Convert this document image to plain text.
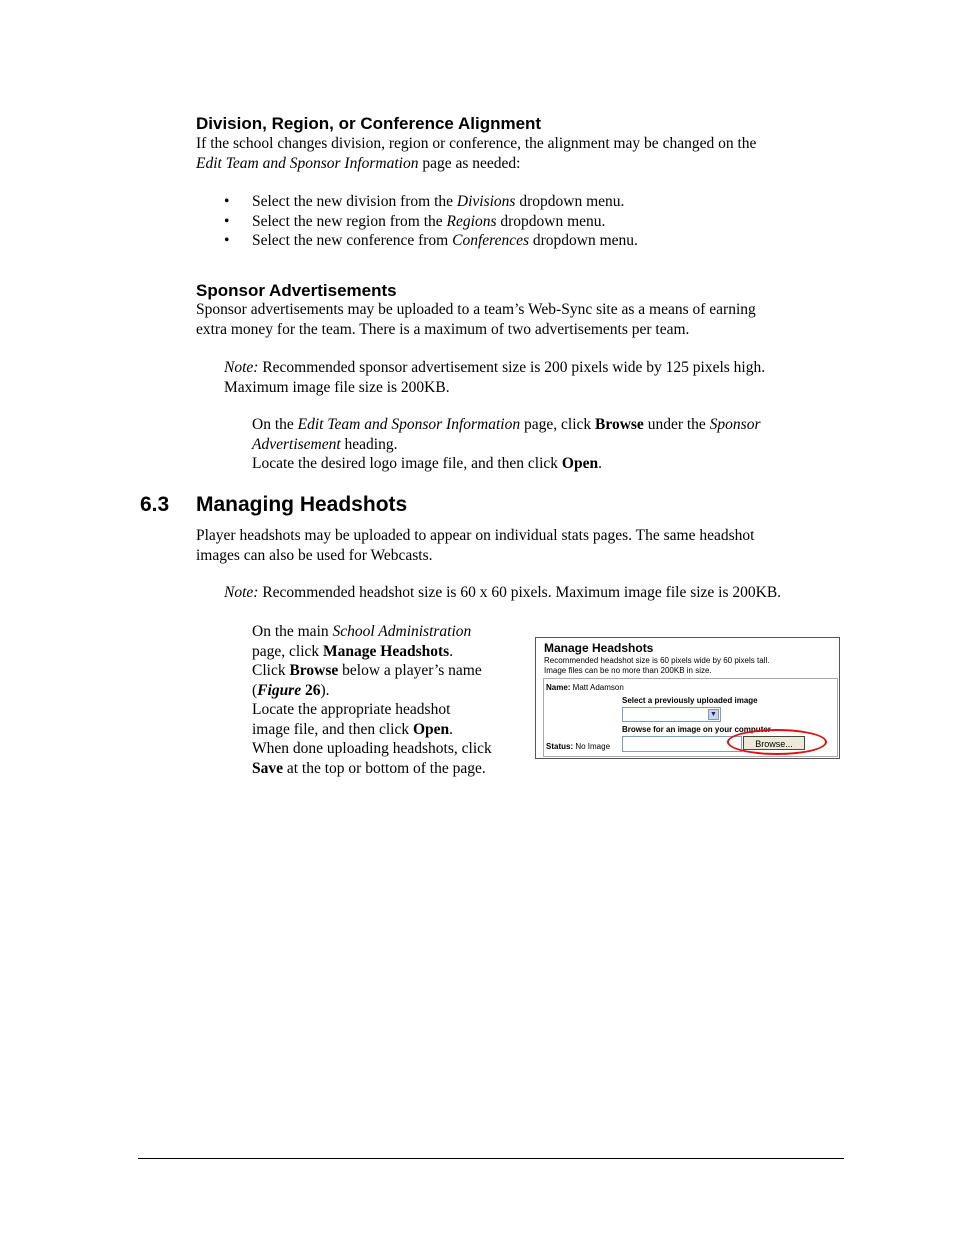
Division, Region, or Conference Alignment

If the school changes division, region or conference, the alignment may be changed on the

Edit Team and Sponsor Information page as needed:

• Select the new division from the Divisions dropdown menu.
• Select the new region from the Regions dropdown menu.
• Select the new conference from Conferences dropdown menu.
Sponsor Advertisements

Sponsor advertisements may be uploaded to a team’s Web-Sync site as a means of earning

extra money for the team. There is a maximum of two advertisements per team.

Note: Recommended sponsor advertisement size is 200 pixels wide by 125 pixels high.

Maximum image file size is 200KB.

On the Edit Team and Sponsor Information page, click Browse under the Sponsor

Advertisement heading.

Locate the desired logo image file, and then click Open.

6.3 Managing Headshots

Player headshots may be uploaded to appear on individual stats pages. The same headshot

images can also be used for Webcasts.

Note: Recommended headshot size is 60 x 60 pixels. Maximum image file size is 200KB.

On the main School Administration

page, click Manage Headshots.

Click Browse below a player’s name

(Figure 26).

Locate the appropriate headshot

image file, and then click Open.

When done uploading headshots, click

Save at the top or bottom of the page.

Manage Headshots
Recommended headshot size is 60 pixels wide by 60 pixels tall.
Image files can be no more than 200KB in size.
Name: Matt Adamson
Select a previously uploaded image
▼
Browse for an image on your computer
Browse...
Status: No Image
